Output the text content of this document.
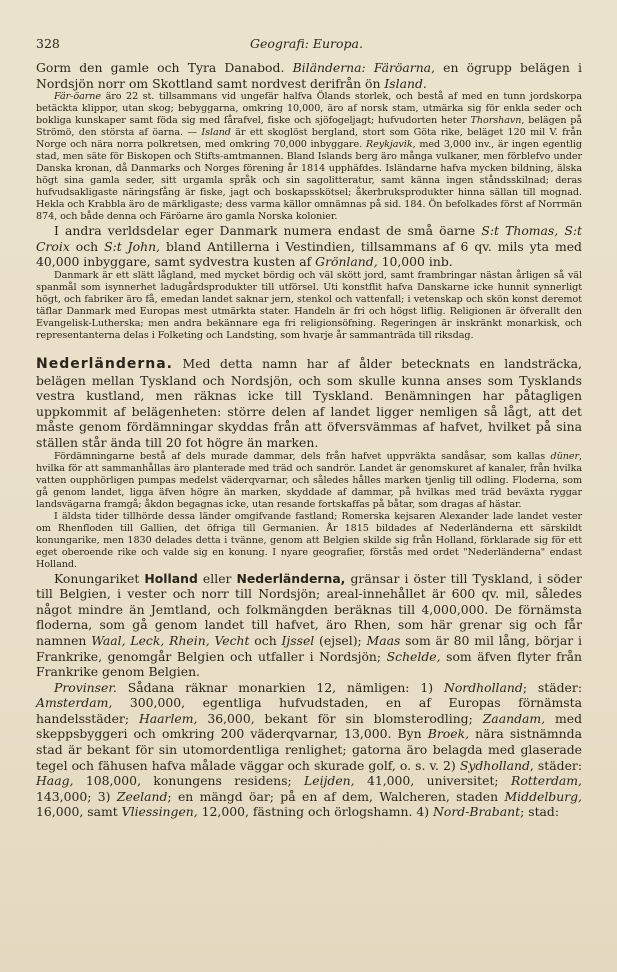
328	Geografi: Europa.

Gorm den gamle och Tyra Danabod. Biländerna: Färöarna, en ögrupp belägen i Nordsjön norr om Skottland samt nordvest derifrån ön Island.

Fär-öarne äro 22 st. tillsammans vid ungefär halfva Ölands storlek, och bestå af med en tunn jordskorpa betäckta klippor, utan skog; bebyggarna, omkring 10,000, äro af norsk stam, utmärka sig för enkla seder och bokliga kunskaper samt föda sig med fårafvel, fiske och sjöfogeljagt; hufvudorten heter Thorshavn, belägen på Strömö, den största af öarna. — Island är ett skoglöst bergland, stort som Göta rike, beläget 120 mil V. från Norge och nära norra polkretsen, med omkring 70,000 inbyggare. Reykjavik, med 3,000 inv., är ingen egentlig stad, men säte för Biskopen och Stifts-amtmannen. Bland Islands berg äro många vulkaner, men förblefvo under Danska kronan, då Danmarks och Norges förening år 1814 upphäfdes. Isländarne hafva mycken bildning, älska högt sina gamla seder, sitt urgamla språk och sin sagolitteratur, samt känna ingen ståndsskilnad; deras hufvudsakligaste näringsfång är fiske, jagt och boskapsskötsel; åkerbruksprodukter hinna sällan till mognad. Hekla och Krabbla äro de märkligaste; dess varma källor omnämnas på sid. 184. Ön befolkades först af Norrmän 874, och både denna och Färöarne äro gamla Norska kolonier.

I andra verldsdelar eger Danmark numera endast de små öarne S:t Thomas, S:t Croix och S:t John, bland Antillerna i Vestindien, tillsammans af 6 qv. mils yta med 40,000 inbyggare, samt sydvestra kusten af Grönland, 10,000 inb.

Danmark är ett slätt lågland, med mycket bördig och väl skött jord, samt frambringar nästan årligen så väl spanmål som isynnerhet ladugårdsprodukter till utförsel. Uti konstflit hafva Danskarne icke hunnit synnerligt högt, och fabriker äro få, emedan landet saknar jern, stenkol och vattenfall; i vetenskap och skön konst deremot täflar Danmark med Europas mest utmärkta stater. Handeln är fri och högst liflig. Religionen är öfverallt den Evangelisk-Lutherska; men andra bekännare ega fri religionsöfning. Regeringen är inskränkt monarkisk, och representanterna delas i Folketing och Landsting, som hvarje år sammanträda till riksdag.

Nederländerna. Med detta namn har af ålder betecknats en landsträcka, belägen mellan Tyskland och Nordsjön, och som skulle kunna anses som Tysklands vestra kustland, men räknas icke till Tyskland. Benämningen har påtagligen uppkommit af belägenheten: större delen af landet ligger nemligen så lågt, att det måste genom fördämningar skyddas från att öfversvämmas af hafvet, hvilket på sina ställen står ända till 20 fot högre än marken.

Fördämningarne bestå af dels murade dammar, dels från hafvet uppvräkta sandåsar, som kallas düner, hvilka för att sammanhållas äro planterade med träd och sandrör. Landet är genomskuret af kanaler, från hvilka vatten oupphörligen pumpas medelst väderqvarnar, och således hålles marken tjenlig till odling. Floderna, som gå genom landet, ligga äfven högre än marken, skyddade af dammar, på hvilkas med träd beväxta ryggar landsvägarna framgå; åkdon begagnas icke, utan resande fortskaffas på båtar, som dragas af hästar.

I äldsta tider tillhörde dessa länder omgifvande fastland; Romerska kejsaren Alexander lade landet vester om Rhenfloden till Gallien, det öfriga till Germanien. År 1815 bildades af Nederländerna ett särskildt konungarike, men 1830 delades detta i tvänne, genom att Belgien skilde sig från Holland, förklarade sig för ett eget oberoende rike och valde sig en konung. I nyare geografier, förstås med ordet "Nederländerna" endast Holland.

Konungariket Holland eller Nederländerna, gränsar i öster till Tyskland, i söder till Belgien, i vester och norr till Nordsjön; areal-innehållet är 600 qv. mil, således något mindre än Jemtland, och folkmängden beräknas till 4,000,000. De förnämsta floderna, som gå genom landet till hafvet, äro Rhen, som här grenar sig och får namnen Waal, Leck, Rhein, Vecht och Ijssel (ejsel); Maas som är 80 mil lång, börjar i Frankrike, genomgår Belgien och utfaller i Nordsjön; Schelde, som äfven flyter från Frankrike genom Belgien.

Provinser. Sådana räknar monarkien 12, nämligen: 1) Nordholland; städer: Amsterdam, 300,000, egentliga hufvudstaden, en af Europas förnämsta handelsstäder; Haarlem, 36,000, bekant för sin blomsterodling; Zaandam, med skeppsbyggeri och omkring 200 väderqvarnar, 13,000. Byn Broek, nära sistnämnda stad är bekant för sin utomordentliga renlighet; gatorna äro belagda med glaserade tegel och fähusen hafva målade väggar och skurade golf, o. s. v. 2) Sydholland, städer: Haag, 108,000, konungens residens; Leijden, 41,000, universitet; Rotterdam, 143,000; 3) Zeeland; en mängd öar; på en af dem, Walcheren, staden Middelburg, 16,000, samt Vliessingen, 12,000, fästning och örlogshamn. 4) Nord-Brabant; stad:
